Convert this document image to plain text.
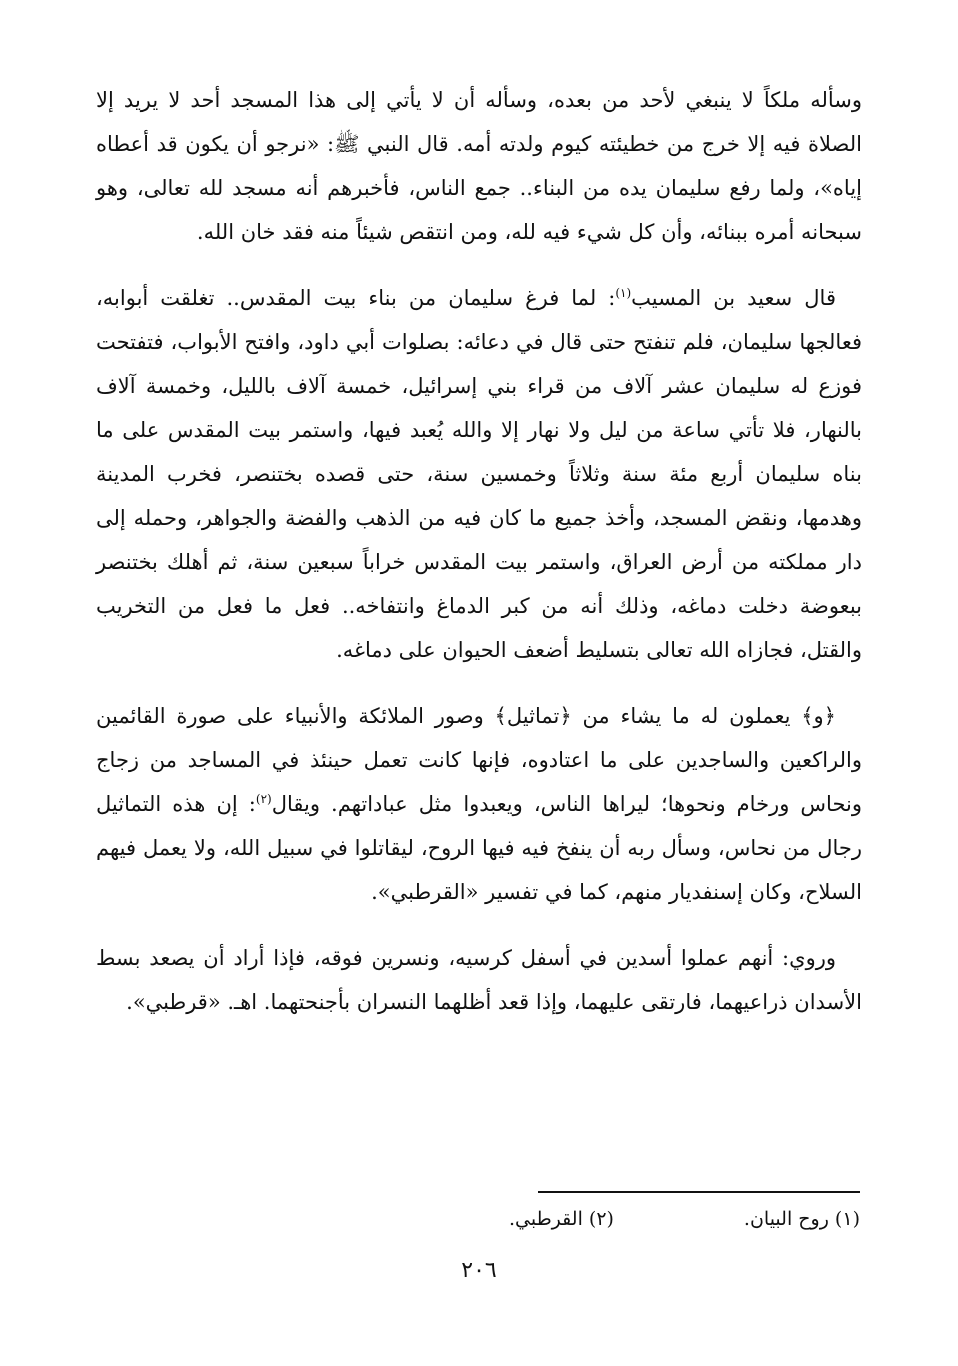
وسأله ملكاً لا ينبغي لأحد من بعده، وسأله أن لا يأتي إلى هذا المسجد أحد لا يريد إلا الصلاة فيه إلا خرج من خطيئته كيوم ولدته أمه. قال النبي ﷺ: «نرجو أن يكون قد أعطاه إياه»، ولما رفع سليمان يده من البناء.. جمع الناس، فأخبرهم أنه مسجد لله تعالى، وهو سبحانه أمره ببنائه، وأن كل شيء فيه لله، ومن انتقص شيئاً منه فقد خان الله.

قال سعيد بن المسيب$^{(١)}$: لما فرغ سليمان من بناء بيت المقدس.. تغلقت أبوابه، فعالجها سليمان، فلم تنفتح حتى قال في دعائه: بصلوات أبي داود، وافتح الأبواب، فتفتحت فوزع له سليمان عشر آلاف من قراء بني إسرائيل، خمسة آلاف بالليل، وخمسة آلاف بالنهار، فلا تأتي ساعة من ليل ولا نهار إلا والله يُعبد فيها، واستمر بيت المقدس على ما بناه سليمان أربع مئة سنة وثلاثاً وخمسين سنة، حتى قصده بختنصر، فخرب المدينة وهدمها، ونقض المسجد، وأخذ جميع ما كان فيه من الذهب والفضة والجواهر، وحمله إلى دار مملكته من أرض العراق، واستمر بيت المقدس خراباً سبعين سنة، ثم أهلك بختنصر ببعوضة دخلت دماغه، وذلك أنه من كبر الدماغ وانتفاخه.. فعل ما فعل من التخريب والقتل، فجازاه الله تعالى بتسليط أضعف الحيوان على دماغه.

﴿و﴾ يعملون له ما يشاء من ﴿تماثيل﴾ وصور الملائكة والأنبياء على صورة القائمين والراكعين والساجدين على ما اعتادوه، فإنها كانت تعمل حينئذ في المساجد من زجاج ونحاس ورخام ونحوها؛ ليراها الناس، ويعبدوا مثل عباداتهم. ويقال$^{(٢)}$: إن هذه التماثيل رجال من نحاس، وسأل ربه أن ينفخ فيه فيها الروح، ليقاتلوا في سبيل الله، ولا يعمل فيهم السلاح، وكان إسنفديار منهم، كما في تفسير «القرطبي».

وروي: أنهم عملوا أسدين في أسفل كرسيه، ونسرين فوقه، فإذا أراد أن يصعد بسط الأسدان ذراعيهما، فارتقى عليهما، وإذا قعد أظلهما النسران بأجنحتهما. اهـ. «قرطبي».

(١) روح البيان. (٢) القرطبي.
٢٠٦
